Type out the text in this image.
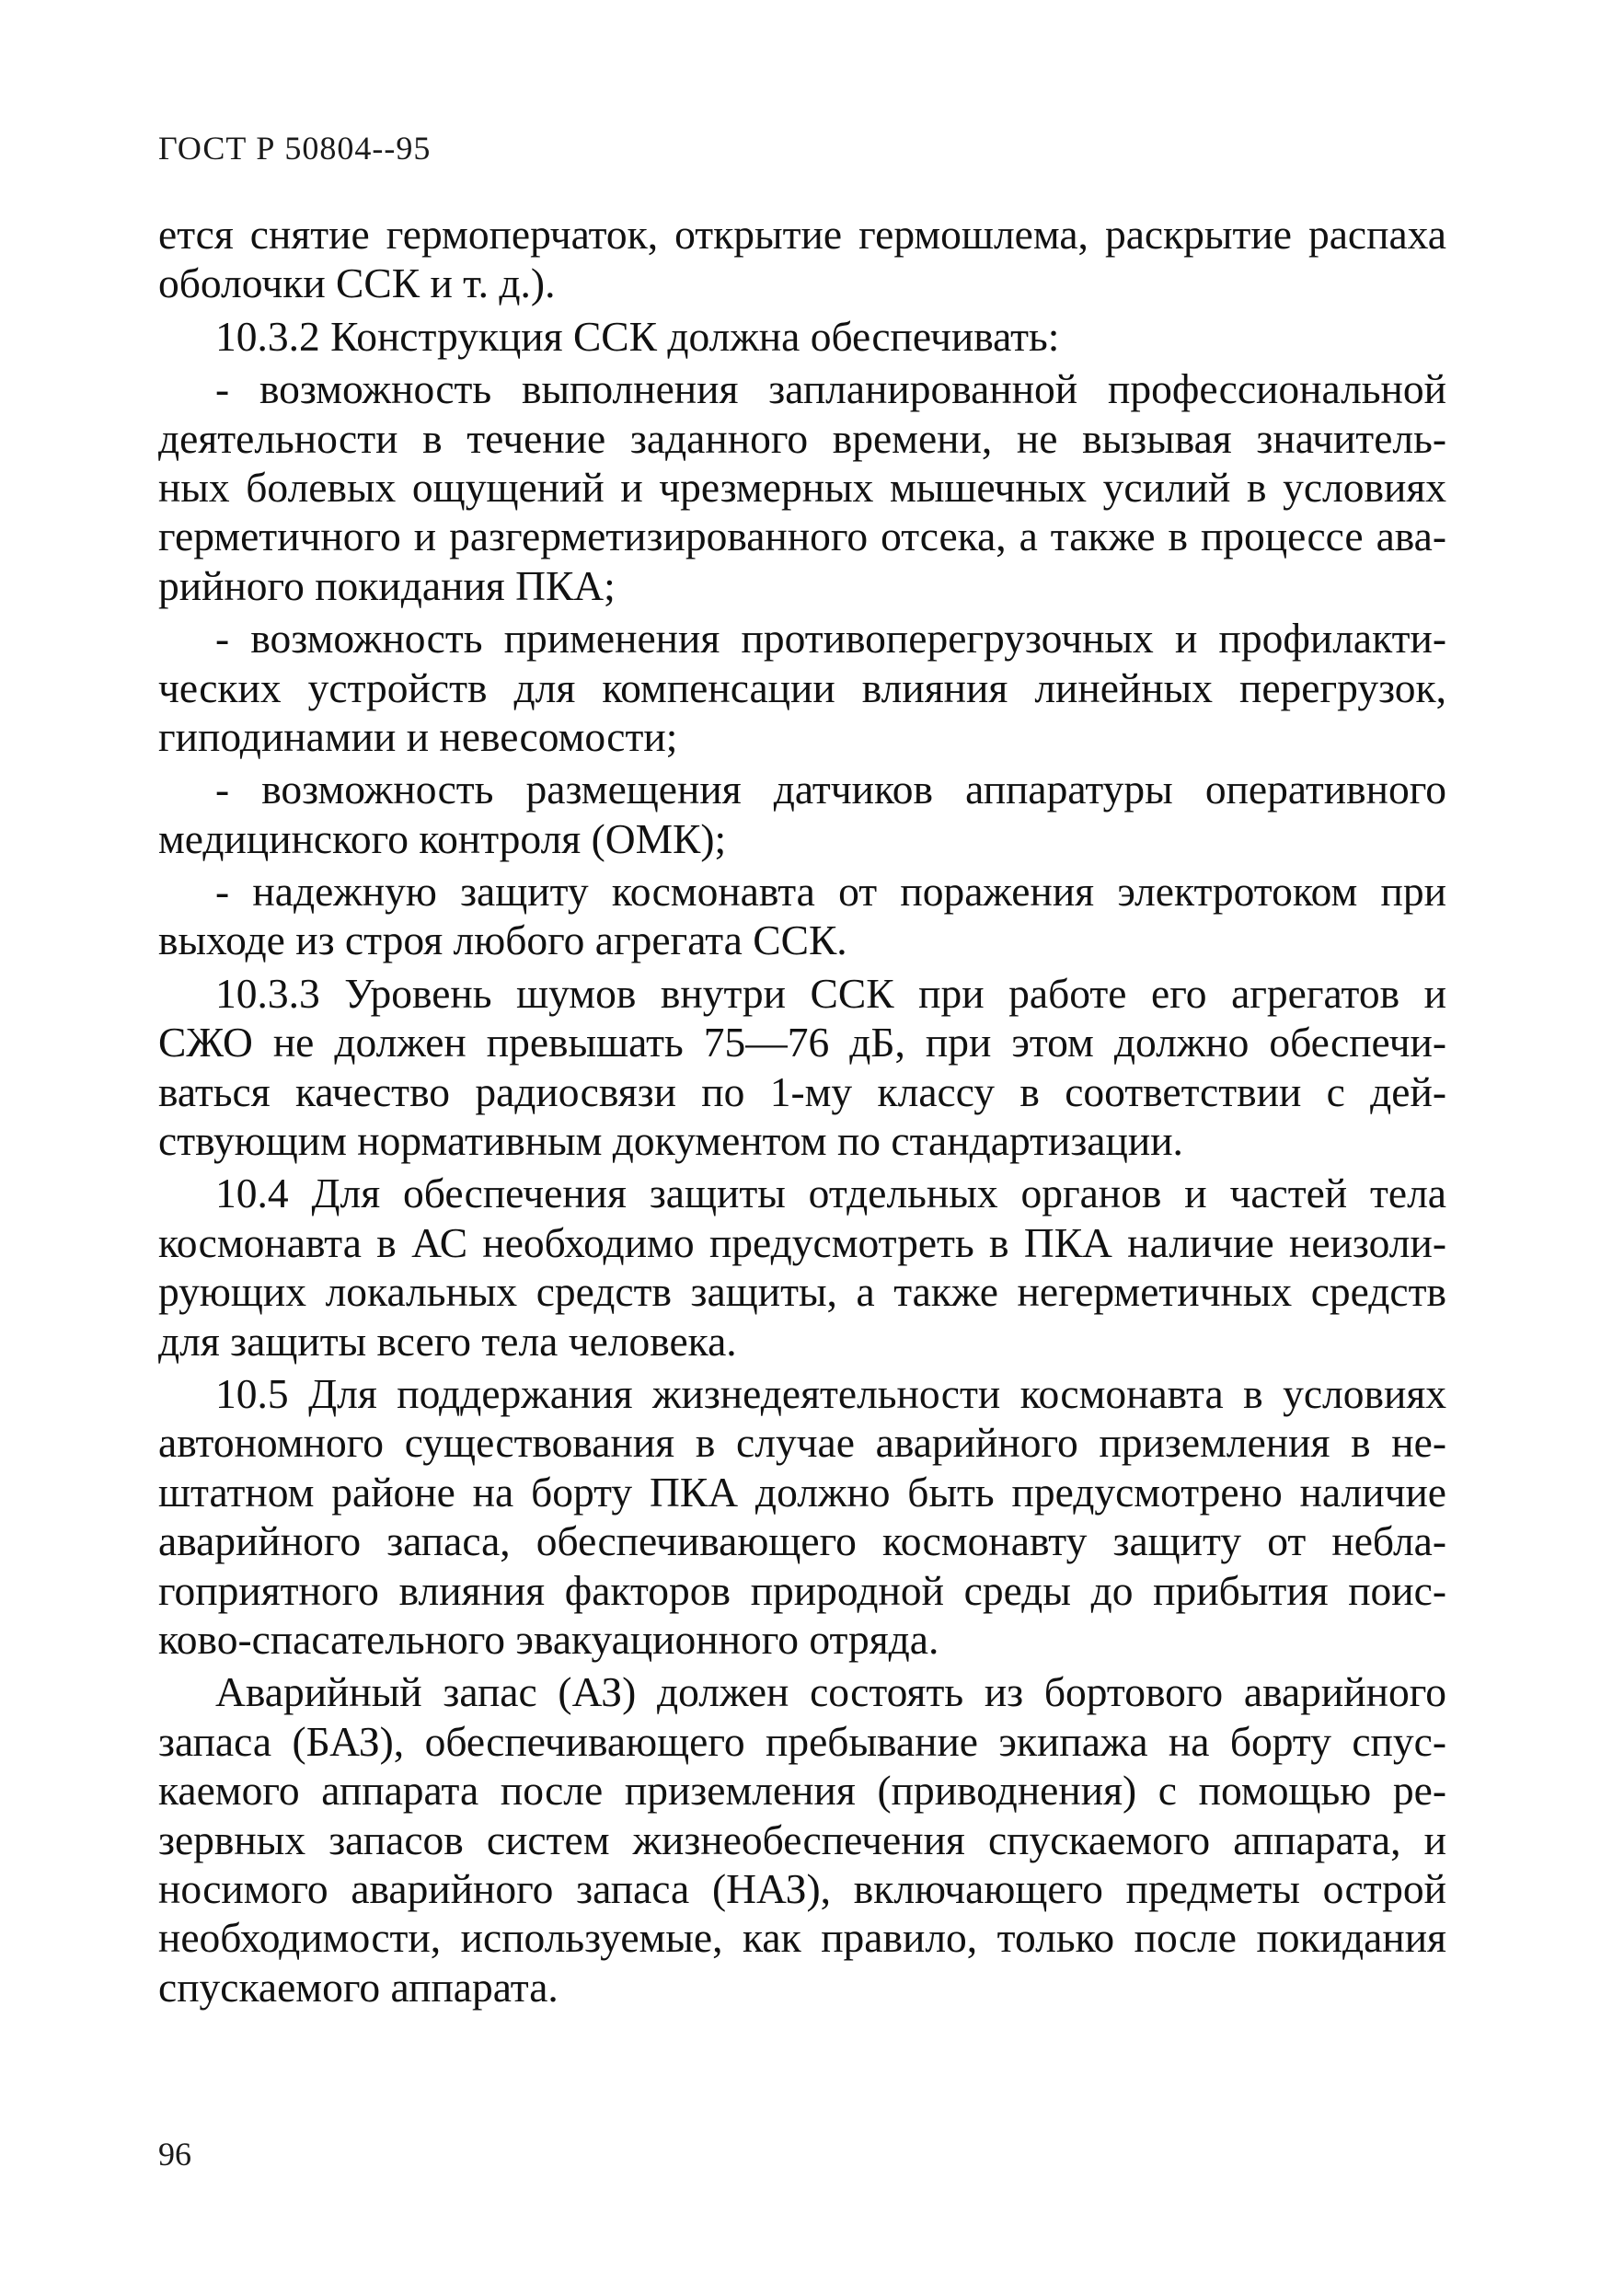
ГОСТ Р 50804--95
ется снятие гермоперчаток, открытие гермошлема, раскрытие распаха
оболочки ССК и т. д.).
10.3.2 Конструкция ССК должна обеспечивать:
- возможность выполнения запланированной профессиональной
деятельности в течение заданного времени, не вызывая значитель-
ных болевых ощущений и чрезмерных мышечных усилий в условиях
герметичного и разгерметизированного отсека, а также в процессе ава-
рийного покидания ПКА;
- возможность применения противоперегрузочных и профилакти-
ческих устройств для компенсации влияния линейных перегрузок,
гиподинамии и невесомости;
- возможность размещения датчиков аппаратуры оперативного
медицинского контроля (ОМК);
- надежную защиту космонавта от поражения электротоком при
выходе из строя любого агрегата ССК.
10.3.3 Уровень шумов внутри ССК при работе его агрегатов и
СЖО не должен превышать 75—76 дБ, при этом должно обеспечи-
ваться качество радиосвязи по 1-му классу в соответствии с дей-
ствующим нормативным документом по стандартизации.
10.4 Для обеспечения защиты отдельных органов и частей тела
космонавта в АС необходимо предусмотреть в ПКА наличие неизоли-
рующих локальных средств защиты, а также негерметичных средств
для защиты всего тела человека.
10.5 Для поддержания жизнедеятельности космонавта в условиях
автономного существования в случае аварийного приземления в не-
штатном районе на борту ПКА должно быть предусмотрено наличие
аварийного запаса, обеспечивающего космонавту защиту от небла-
гоприятного влияния факторов природной среды до прибытия поис-
ково-спасательного эвакуационного отряда.
Аварийный запас (АЗ) должен состоять из бортового аварийного
запаса (БАЗ), обеспечивающего пребывание экипажа на борту спус-
каемого аппарата после приземления (приводнения) с помощью ре-
зервных запасов систем жизнеобеспечения спускаемого аппарата, и
носимого аварийного запаса (НАЗ), включающего предметы острой
необходимости, используемые, как правило, только после покидания
спускаемого аппарата.
96
